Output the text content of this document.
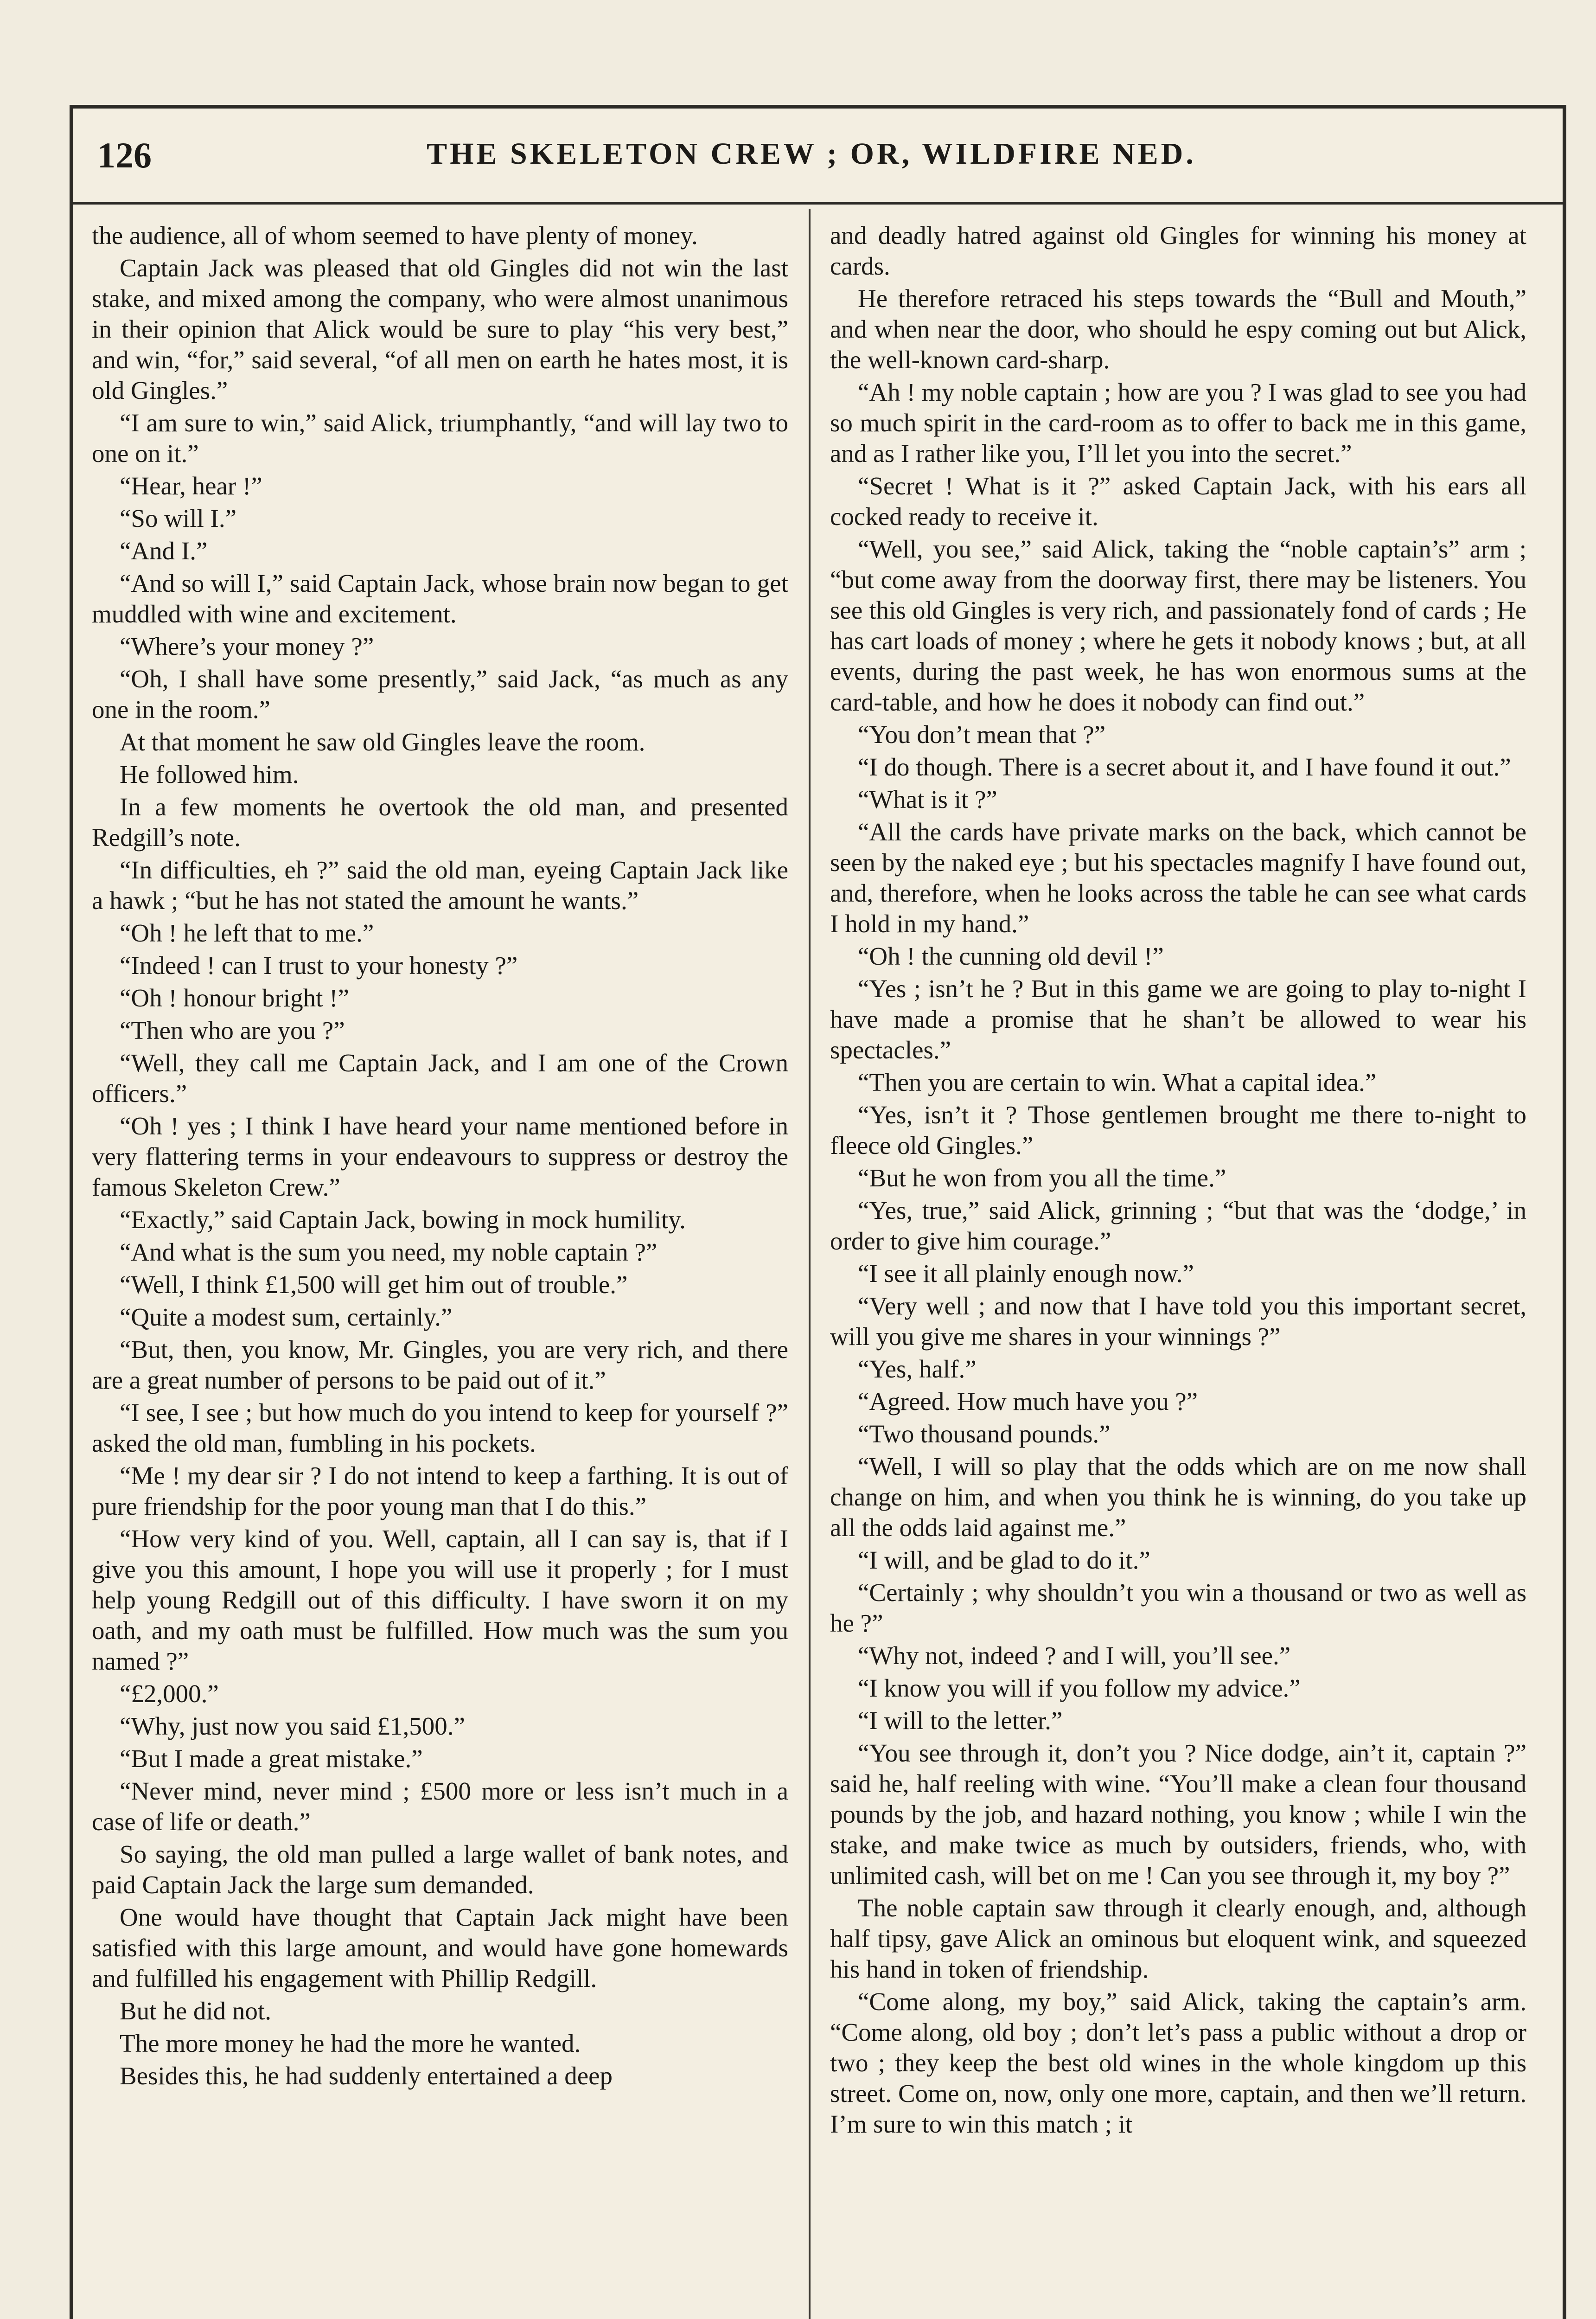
126	THE SKELETON CREW ; OR, WILDFIRE NED.

the audience, all of whom seemed to have plenty of money.

Captain Jack was pleased that old Gingles did not win the last stake, and mixed among the company, who were almost unanimous in their opinion that Alick would be sure to play “his very best,” and win, “for,” said several, “of all men on earth he hates most, it is old Gingles.”

“I am sure to win,” said Alick, triumphantly, “and will lay two to one on it.”

“Hear, hear !”

“So will I.”

“And I.”

“And so will I,” said Captain Jack, whose brain now began to get muddled with wine and excitement.

“Where’s your money ?”

“Oh, I shall have some presently,” said Jack, “as much as any one in the room.”

At that moment he saw old Gingles leave the room.

He followed him.

In a few moments he overtook the old man, and presented Redgill’s note.

“In difficulties, eh ?” said the old man, eyeing Captain Jack like a hawk ; “but he has not stated the amount he wants.”

“Oh ! he left that to me.”

“Indeed ! can I trust to your honesty ?”

“Oh ! honour bright !”

“Then who are you ?”

“Well, they call me Captain Jack, and I am one of the Crown officers.”

“Oh ! yes ; I think I have heard your name mentioned before in very flattering terms in your endeavours to suppress or destroy the famous Skeleton Crew.”

“Exactly,” said Captain Jack, bowing in mock humility.

“And what is the sum you need, my noble captain ?”

“Well, I think £1,500 will get him out of trouble.”

“Quite a modest sum, certainly.”

“But, then, you know, Mr. Gingles, you are very rich, and there are a great number of persons to be paid out of it.”

“I see, I see ; but how much do you intend to keep for yourself ?” asked the old man, fumbling in his pockets.

“Me ! my dear sir ? I do not intend to keep a farthing. It is out of pure friendship for the poor young man that I do this.”

“How very kind of you. Well, captain, all I can say is, that if I give you this amount, I hope you will use it properly ; for I must help young Redgill out of this difficulty. I have sworn it on my oath, and my oath must be fulfilled. How much was the sum you named ?”

“£2,000.”

“Why, just now you said £1,500.”

“But I made a great mistake.”

“Never mind, never mind ; £500 more or less isn’t much in a case of life or death.”

So saying, the old man pulled a large wallet of bank notes, and paid Captain Jack the large sum demanded.

One would have thought that Captain Jack might have been satisfied with this large amount, and would have gone homewards and fulfilled his engagement with Phillip Redgill.

But he did not.

The more money he had the more he wanted.

Besides this, he had suddenly entertained a deep

and deadly hatred against old Gingles for winning his money at cards.

He therefore retraced his steps towards the “Bull and Mouth,” and when near the door, who should he espy coming out but Alick, the well-known card-sharp.

“Ah ! my noble captain ; how are you ? I was glad to see you had so much spirit in the card-room as to offer to back me in this game, and as I rather like you, I’ll let you into the secret.”

“Secret ! What is it ?” asked Captain Jack, with his ears all cocked ready to receive it.

“Well, you see,” said Alick, taking the “noble captain’s” arm ; “but come away from the doorway first, there may be listeners. You see this old Gingles is very rich, and passionately fond of cards ; He has cart loads of money ; where he gets it nobody knows ; but, at all events, during the past week, he has won enormous sums at the card-table, and how he does it nobody can find out.”

“You don’t mean that ?”

“I do though. There is a secret about it, and I have found it out.”

“What is it ?”

“All the cards have private marks on the back, which cannot be seen by the naked eye ; but his spectacles magnify I have found out, and, therefore, when he looks across the table he can see what cards I hold in my hand.”

“Oh ! the cunning old devil !”

“Yes ; isn’t he ? But in this game we are going to play to-night I have made a promise that he shan’t be allowed to wear his spectacles.”

“Then you are certain to win. What a capital idea.”

“Yes, isn’t it ? Those gentlemen brought me there to-night to fleece old Gingles.”

“But he won from you all the time.”

“Yes, true,” said Alick, grinning ; “but that was the ‘dodge,’ in order to give him courage.”

“I see it all plainly enough now.”

“Very well ; and now that I have told you this important secret, will you give me shares in your winnings ?”

“Yes, half.”

“Agreed. How much have you ?”

“Two thousand pounds.”

“Well, I will so play that the odds which are on me now shall change on him, and when you think he is winning, do you take up all the odds laid against me.”

“I will, and be glad to do it.”

“Certainly ; why shouldn’t you win a thousand or two as well as he ?”

“Why not, indeed ? and I will, you’ll see.”

“I know you will if you follow my advice.”

“I will to the letter.”

“You see through it, don’t you ? Nice dodge, ain’t it, captain ?” said he, half reeling with wine. “You’ll make a clean four thousand pounds by the job, and hazard nothing, you know ; while I win the stake, and make twice as much by outsiders, friends, who, with unlimited cash, will bet on me ! Can you see through it, my boy ?”

The noble captain saw through it clearly enough, and, although half tipsy, gave Alick an ominous but eloquent wink, and squeezed his hand in token of friendship.

“Come along, my boy,” said Alick, taking the captain’s arm. “Come along, old boy ; don’t let’s pass a public without a drop or two ; they keep the best old wines in the whole kingdom up this street. Come on, now, only one more, captain, and then we’ll return. I’m sure to win this match ; it
